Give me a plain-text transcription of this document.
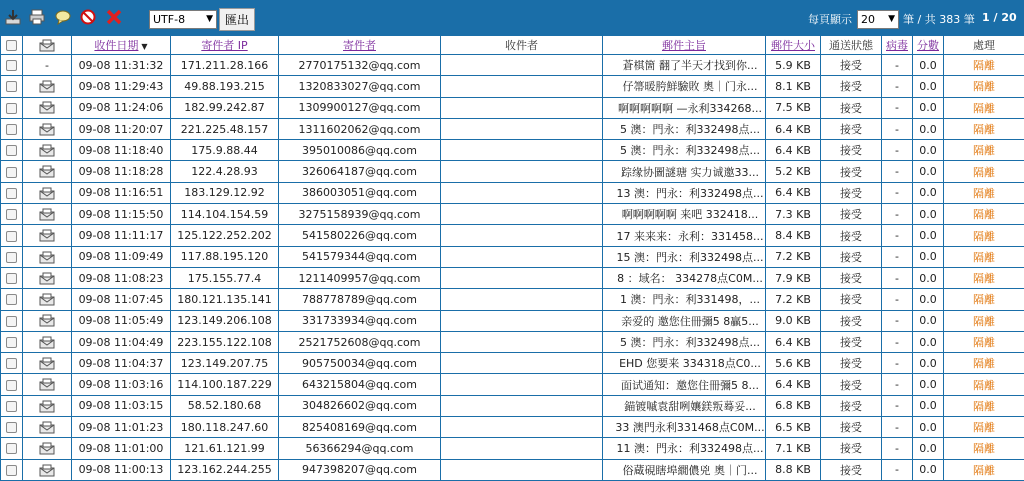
UTF-8 ▼ 匯出	每頁顯示 20 ▼ 筆 / 共 383 筆 1 / 20
		收件日期 ▼	寄件者 IP	寄件者	收件者	郵件主旨	郵件大小	通送狀態	病毒	分數	處理
	-	09-08 11:31:32	171.211.28.166	2770175132@qq.com		蒼棋箇 翻了半天才找到你...	5.9 KB	接受	-	0.0	隔離
		09-08 11:29:43	49.88.193.215	1320833027@qq.com		仔箒暖胯鮮驗敗 奧｜门永...	8.1 KB	接受	-	0.0	隔離
		09-08 11:24:06	182.99.242.87	1309900127@qq.com		啊啊啊啊啊 —永利334268...	7.5 KB	接受	-	0.0	隔離
		09-08 11:20:07	221.225.48.157	1311602062@qq.com		5 澳：門永：利332498点...	6.4 KB	接受	-	0.0	隔離
		09-08 11:18:40	175.9.88.44	395010086@qq.com		5 澳：門永：利332498点...	6.4 KB	接受	-	0.0	隔離
		09-08 11:18:28	122.4.28.93	326064187@qq.com		踪缘协圖謎瑭 实力诚邀33...	5.2 KB	接受	-	0.0	隔離
		09-08 11:16:51	183.129.12.92	386003051@qq.com		13 澳：門永：利332498点...	6.4 KB	接受	-	0.0	隔離
		09-08 11:15:50	114.104.154.59	3275158939@qq.com		啊啊啊啊啊 来吧 332418...	7.3 KB	接受	-	0.0	隔離
		09-08 11:11:17	125.122.252.202	541580226@qq.com		17 来来来：永利：331458...	8.4 KB	接受	-	0.0	隔離
		09-08 11:09:49	117.88.195.120	541579344@qq.com		15 澳：門永：利332498点...	7.2 KB	接受	-	0.0	隔離
		09-08 11:08:23	175.155.77.4	1211409957@qq.com		8 ：域名： 334278点C0M...	7.9 KB	接受	-	0.0	隔離
		09-08 11:07:45	180.121.135.141	788778789@qq.com		1 澳：門永：利331498，...	7.2 KB	接受	-	0.0	隔離
		09-08 11:05:49	123.149.206.108	331733934@qq.com		亲爱的 邀您住冊彌5 8贏5...	9.0 KB	接受	-	0.0	隔離
		09-08 11:04:49	223.155.122.108	2521752608@qq.com		5 澳：門永：利332498点...	6.4 KB	接受	-	0.0	隔離
		09-08 11:04:37	123.149.207.75	905750034@qq.com		EHD 您要来 334318点C0...	5.6 KB	接受	-	0.0	隔離
		09-08 11:03:16	114.100.187.229	643215804@qq.com		面试通知：邀您住冊彌5 8...	6.4 KB	接受	-	0.0	隔離
		09-08 11:03:15	58.52.180.68	304826602@qq.com		錨镀嘁袁甜咧孃鎂叛蓦妥...	6.8 KB	接受	-	0.0	隔離
		09-08 11:01:23	180.118.247.60	825408169@qq.com		33 澳門永利331468点C0M...	6.5 KB	接受	-	0.0	隔離
		09-08 11:01:00	121.61.121.99	56366294@qq.com		11 澳：門永：利332498点...	7.1 KB	接受	-	0.0	隔離
		09-08 11:00:13	123.162.244.255	947398207@qq.com		俗蔵硯瞎埠繝儂兇 奧｜门...	8.8 KB	接受	-	0.0	隔離
